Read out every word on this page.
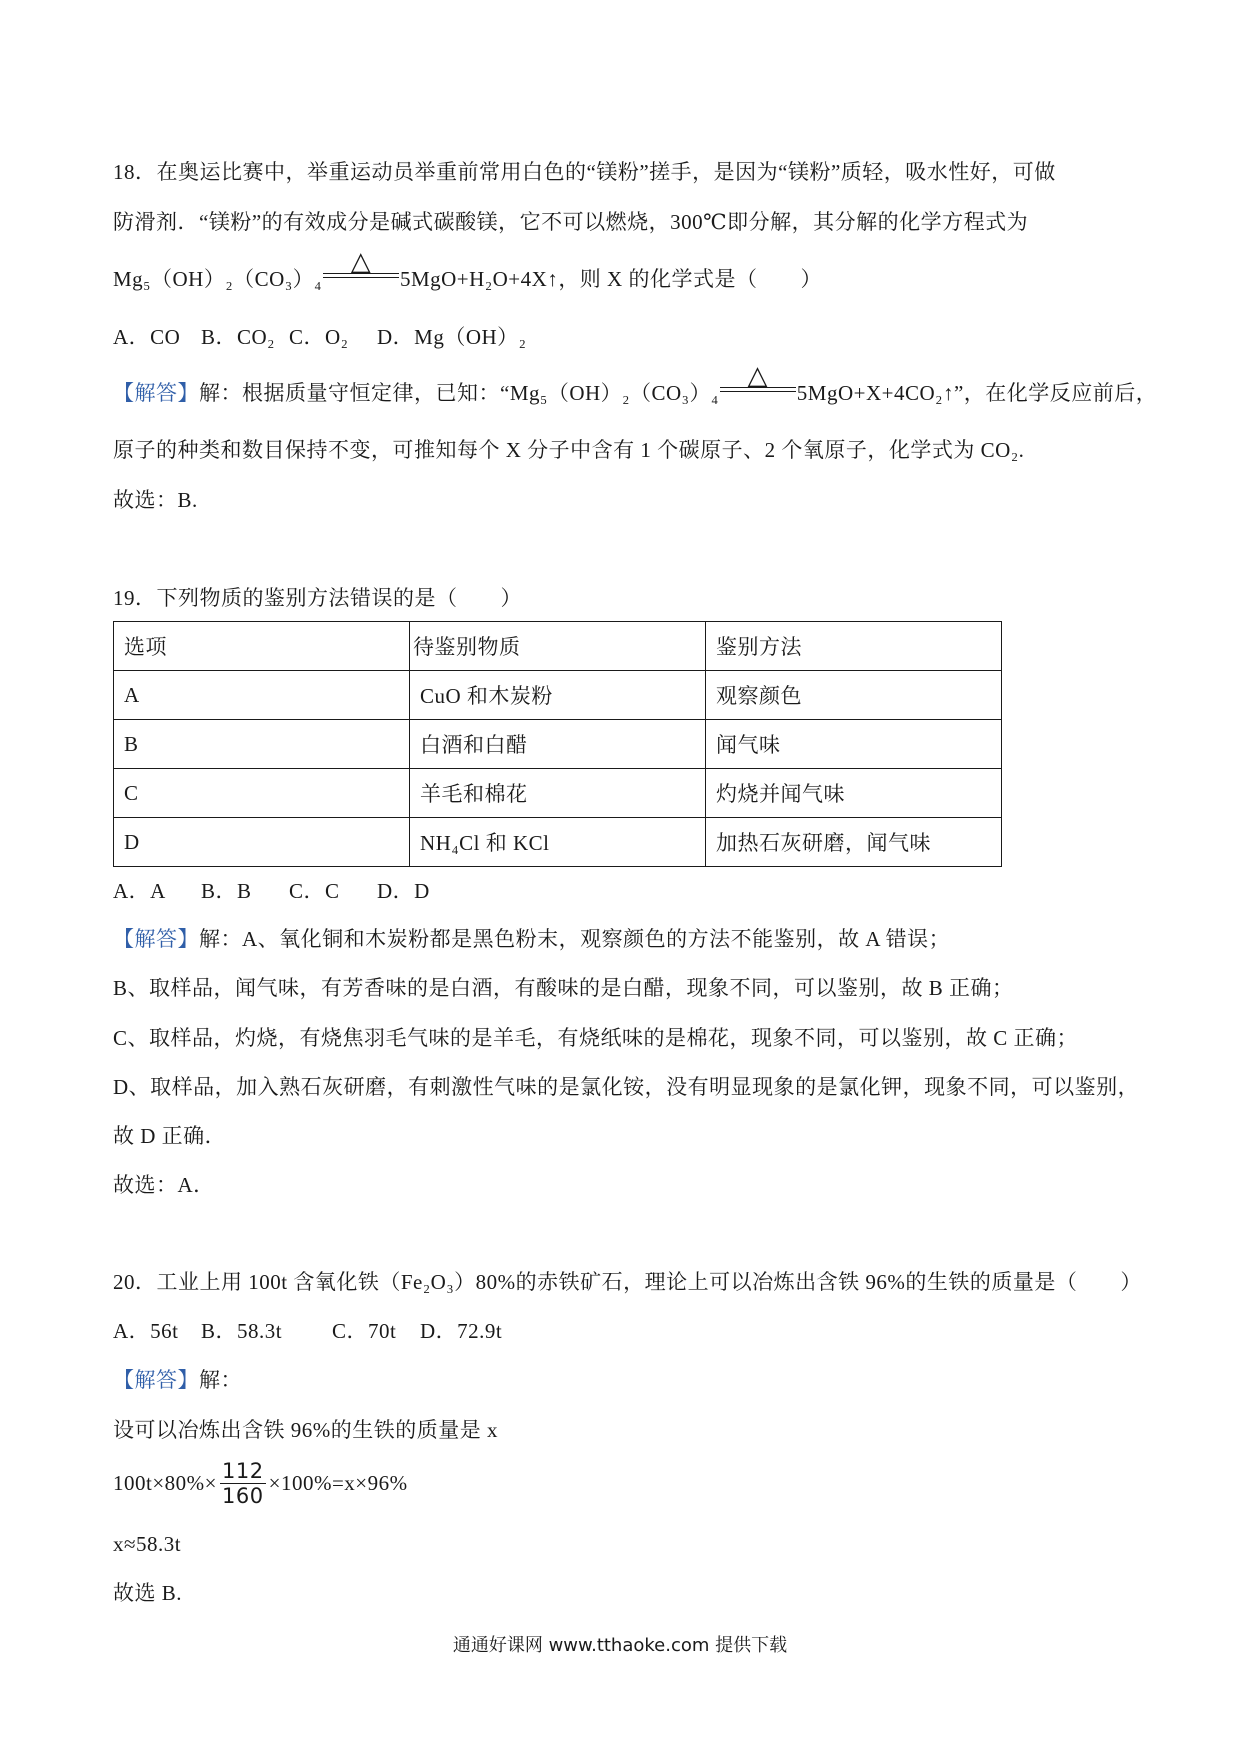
18．在奥运比赛中，举重运动员举重前常用白色的“镁粉”搓手，是因为“镁粉”质轻，吸水性好，可做
防滑剂．“镁粉”的有效成分是碱式碳酸镁，它不可以燃烧，300℃即分解，其分解的化学方程式为
Mg₅（OH）₂（CO₃）₄
△
5MgO+H₂O+4X↑，则 X 的化学式是（　　）
A．CO B．CO₂ C．O₂	D．Mg（OH）₂
【解答】解：根据质量守恒定律，已知：“Mg₅（OH）₂（CO₃）₄
△
5MgO+X+4CO₂↑”，在化学反应前后，
原子的种类和数目保持不变，可推知每个 X 分子中含有 1 个碳原子、2 个氧原子，化学式为 CO₂.
故选：B.
19．下列物质的鉴别方法错误的是（　　）
选项	待鉴别物质	鉴别方法
A	CuO 和木炭粉	观察颜色
B	白酒和白醋	闻气味
C	羊毛和棉花	灼烧并闻气味
D	NH₄Cl 和 KCl	加热石灰研磨，闻气味
A．A	B．B	C．C	D．D
【解答】解：A、氧化铜和木炭粉都是黑色粉末，观察颜色的方法不能鉴别，故 A 错误；
B、取样品，闻气味，有芳香味的是白酒，有酸味的是白醋，现象不同，可以鉴别，故 B 正确；
C、取样品，灼烧，有烧焦羽毛气味的是羊毛，有烧纸味的是棉花，现象不同，可以鉴别，故 C 正确；
D、取样品，加入熟石灰研磨，有刺激性气味的是氯化铵，没有明显现象的是氯化钾，现象不同，可以鉴别，
故 D 正确．
故选：A．
20．工业上用 100t 含氧化铁（Fe₂O₃）80%的赤铁矿石，理论上可以冶炼出含铁 96%的生铁的质量是（　　）
A．56t	B．58.3t	C．70t	D．72.9t
【解答】解：
设可以冶炼出含铁 96%的生铁的质量是 x
$100t\times 80\%\times \frac{112}{160} \times 100\%=x\times 96\%$
x≈58.3t
故选 B.
通通好课网 www.tthaoke.com 提供下载
